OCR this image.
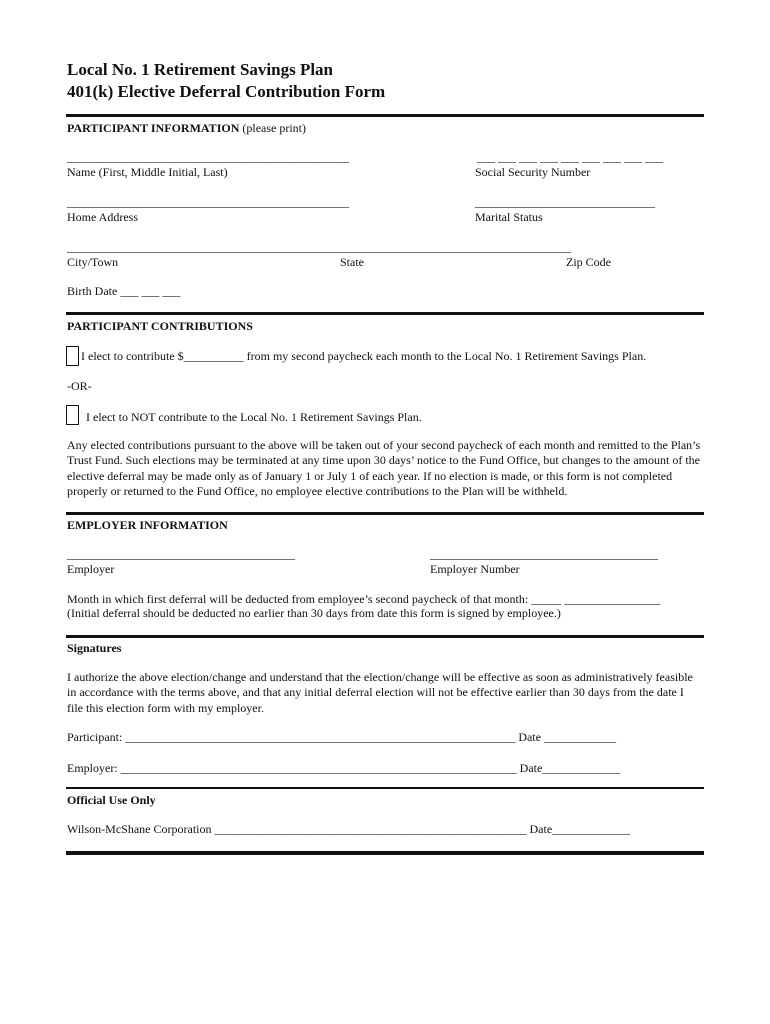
Local No. 1 Retirement Savings Plan
401(k) Elective Deferral Contribution Form
PARTICIPANT INFORMATION (please print)
_______________________________________________
Name (First, Middle Initial, Last)
___ ___ ___ ___ ___ ___ ___ ___ ___
Social Security Number
_______________________________________________
Home Address
______________________________
Marital Status
____________________________________________________________________________________
City/Town	State	Zip Code
Birth Date ___ ___ ___
PARTICIPANT CONTRIBUTIONS
I elect to contribute $__________ from my second paycheck each month to the Local No. 1 Retirement Savings Plan.
-OR-
I elect to NOT contribute to the Local No. 1 Retirement Savings Plan.
Any elected contributions pursuant to the above will be taken out of your second paycheck of each month and remitted to the Plan’s Trust Fund. Such elections may be terminated at any time upon 30 days’ notice to the Fund Office, but changes to the amount of the elective deferral may be made only as of January 1 or July 1 of each year. If no election is made, or this form is not completed properly or returned to the Fund Office, no employee elective contributions to the Plan will be withheld.
EMPLOYER INFORMATION
______________________________________
Employer
______________________________________
Employer Number
Month in which first deferral will be deducted from employee’s second paycheck of that month: _____ ________________
(Initial deferral should be deducted no earlier than 30 days from date this form is signed by employee.)
Signatures
I authorize the above election/change and understand that the election/change will be effective as soon as administratively feasible in accordance with the terms above, and that any initial deferral election will not be effective earlier than 30 days from the date I file this election form with my employer.
Participant: _________________________________________________________________ Date ____________
Employer: __________________________________________________________________ Date_____________
Official Use Only
Wilson-McShane Corporation ____________________________________________________ Date_____________
